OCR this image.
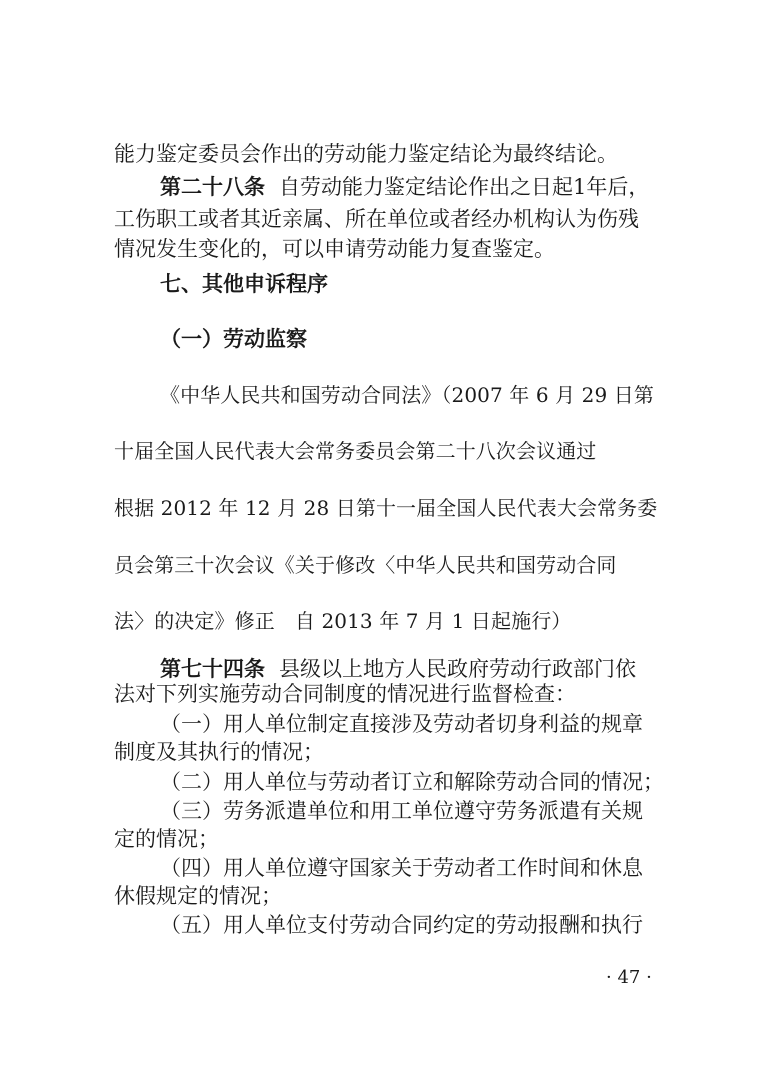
能力鉴定委员会作出的劳动能力鉴定结论为最终结论。
第二十八条 自劳动能力鉴定结论作出之日起1年后，
工伤职工或者其近亲属、所在单位或者经办机构认为伤残
情况发生变化的，可以申请劳动能力复查鉴定。
七、其他申诉程序
（一）劳动监察
《中华人民共和国劳动合同法》（2007 年 6 月 29 日第
十届全国人民代表大会常务委员会第二十八次会议通过
根据 2012 年 12 月 28 日第十一届全国人民代表大会常务委
员会第三十次会议《关于修改〈中华人民共和国劳动合同
法〉的决定》修正　自 2013 年 7 月 1 日起施行）
第七十四条 县级以上地方人民政府劳动行政部门依
法对下列实施劳动合同制度的情况进行监督检查：
（一）用人单位制定直接涉及劳动者切身利益的规章
制度及其执行的情况；
（二）用人单位与劳动者订立和解除劳动合同的情况；
（三）劳务派遣单位和用工单位遵守劳务派遣有关规
定的情况；
（四）用人单位遵守国家关于劳动者工作时间和休息
休假规定的情况；
（五）用人单位支付劳动合同约定的劳动报酬和执行
· 47 ·
